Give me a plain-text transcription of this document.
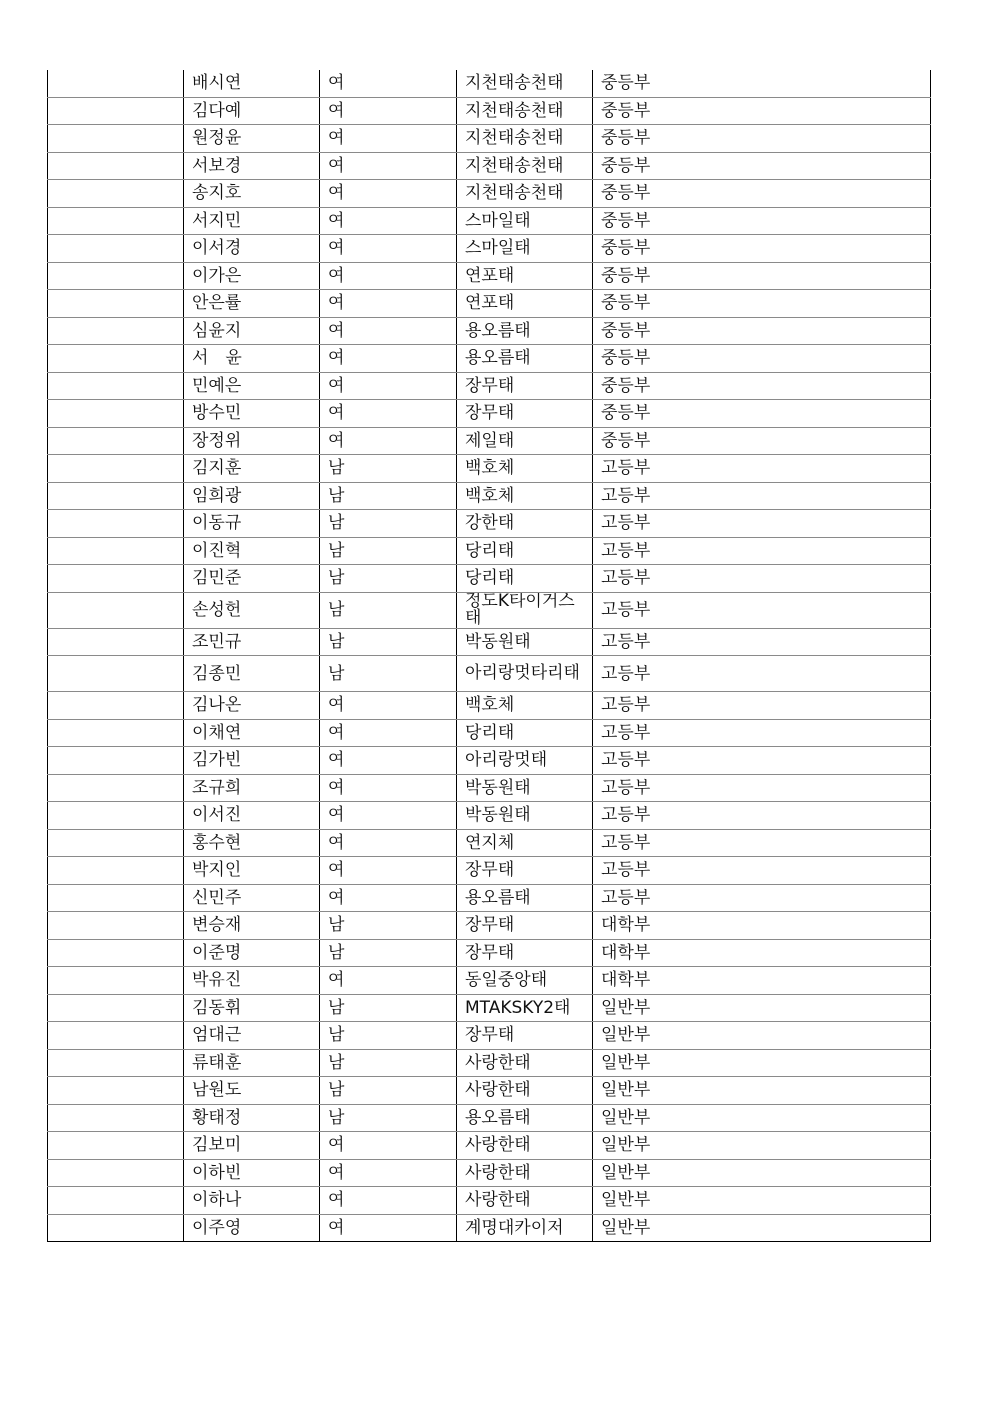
	배시연	여	지천태송천태	중등부
	김다예	여	지천태송천태	중등부
	원정윤	여	지천태송천태	중등부
	서보경	여	지천태송천태	중등부
	송지호	여	지천태송천태	중등부
	서지민	여	스마일태	중등부
	이서경	여	스마일태	중등부
	이가은	여	연포태	중등부
	안은률	여	연포태	중등부
	심윤지	여	용오름태	중등부
	서　윤	여	용오름태	중등부
	민예은	여	장무태	중등부
	방수민	여	장무태	중등부
	장정위	여	제일태	중등부
	김지훈	남	백호체	고등부
	임희광	남	백호체	고등부
	이동규	남	강한태	고등부
	이진혁	남	당리태	고등부
	김민준	남	당리태	고등부
	손성헌	남	정도K타이거스태	고등부
	조민규	남	박동원태	고등부
	김종민	남	아리랑멋타리태	고등부
	김나온	여	백호체	고등부
	이채연	여	당리태	고등부
	김가빈	여	아리랑멋태	고등부
	조규희	여	박동원태	고등부
	이서진	여	박동원태	고등부
	홍수현	여	연지체	고등부
	박지인	여	장무태	고등부
	신민주	여	용오름태	고등부
	변승재	남	장무태	대학부
	이준명	남	장무태	대학부
	박유진	여	동일중앙태	대학부
	김동휘	남	MTAKSKY2태	일반부
	엄대근	남	장무태	일반부
	류태훈	남	사랑한태	일반부
	남원도	남	사랑한태	일반부
	황태정	남	용오름태	일반부
	김보미	여	사랑한태	일반부
	이하빈	여	사랑한태	일반부
	이하나	여	사랑한태	일반부
	이주영	여	계명대카이저	일반부
